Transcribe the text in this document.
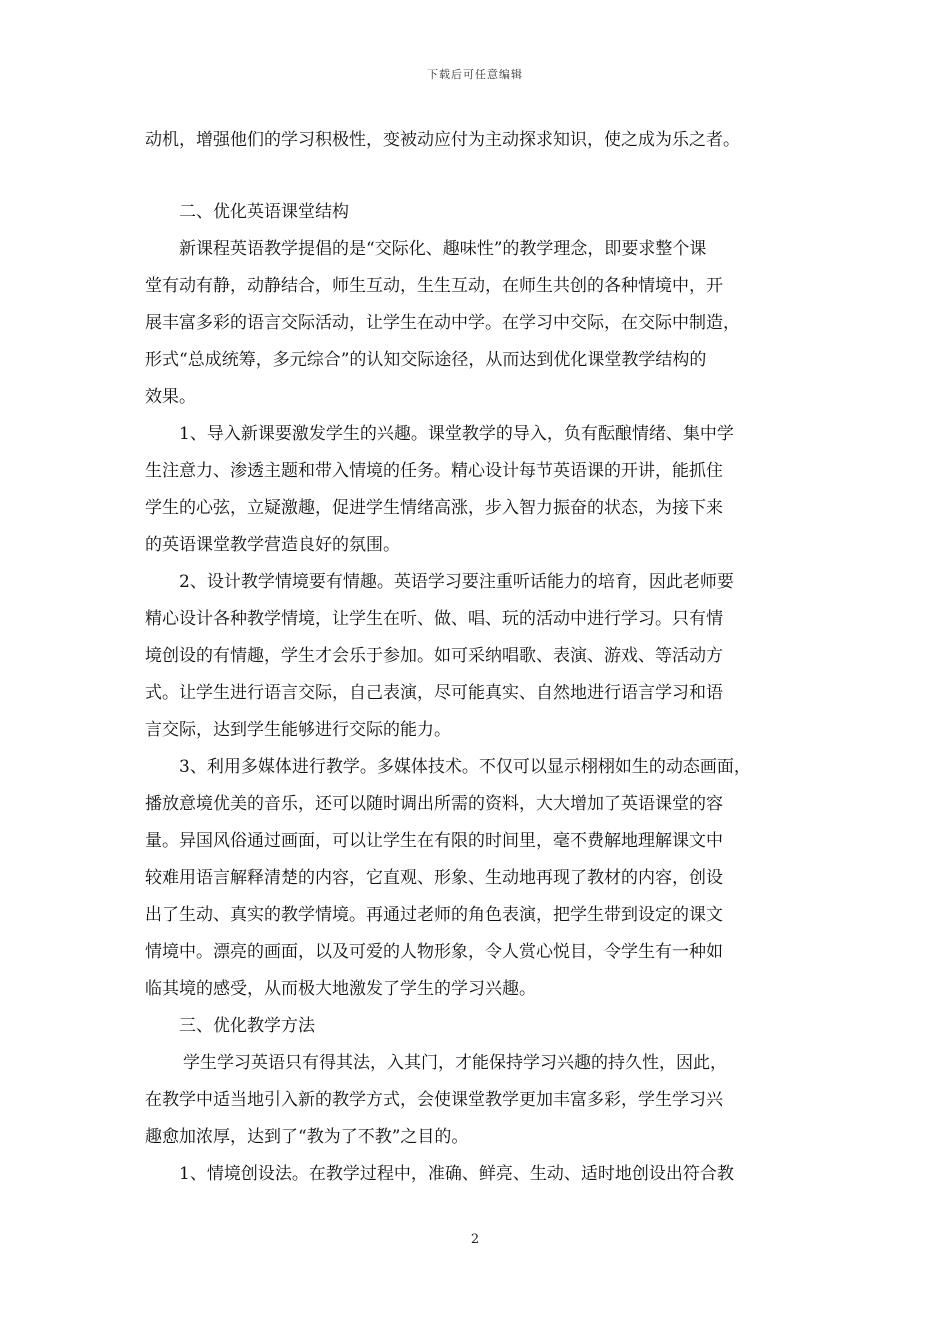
下载后可任意编辑
动机，增强他们的学习积极性，变被动应付为主动探求知识，使之成为乐之者。
二、优化英语课堂结构
新课程英语教学提倡的是“交际化、趣味性”的教学理念，即要求整个课
堂有动有静，动静结合，师生互动，生生互动，在师生共创的各种情境中，开
展丰富多彩的语言交际活动，让学生在动中学。在学习中交际，在交际中制造，
形式“总成统筹，多元综合”的认知交际途径，从而达到优化课堂教学结构的
效果。
1、导入新课要激发学生的兴趣。课堂教学的导入，负有酝酿情绪、集中学
生注意力、渗透主题和带入情境的任务。精心设计每节英语课的开讲，能抓住
学生的心弦，立疑激趣，促进学生情绪高涨，步入智力振奋的状态，为接下来
的英语课堂教学营造良好的氛围。
2、设计教学情境要有情趣。英语学习要注重听话能力的培育，因此老师要
精心设计各种教学情境，让学生在听、做、唱、玩的活动中进行学习。只有情
境创设的有情趣，学生才会乐于参加。如可采纳唱歌、表演、游戏、等活动方
式。让学生进行语言交际，自己表演，尽可能真实、自然地进行语言学习和语
言交际，达到学生能够进行交际的能力。
3、利用多媒体进行教学。多媒体技术。不仅可以显示栩栩如生的动态画面，
播放意境优美的音乐，还可以随时调出所需的资料，大大增加了英语课堂的容
量。异国风俗通过画面，可以让学生在有限的时间里，毫不费解地理解课文中
较难用语言解释清楚的内容，它直观、形象、生动地再现了教材的内容，创设
出了生动、真实的教学情境。再通过老师的角色表演，把学生带到设定的课文
情境中。漂亮的画面，以及可爱的人物形象，令人赏心悦目，令学生有一种如
临其境的感受，从而极大地激发了学生的学习兴趣。
三、优化教学方法
学生学习英语只有得其法，入其门，才能保持学习兴趣的持久性，因此，
在教学中适当地引入新的教学方式，会使课堂教学更加丰富多彩，学生学习兴
趣愈加浓厚，达到了“教为了不教”之目的。
1、情境创设法。在教学过程中，准确、鲜亮、生动、适时地创设出符合教
2
